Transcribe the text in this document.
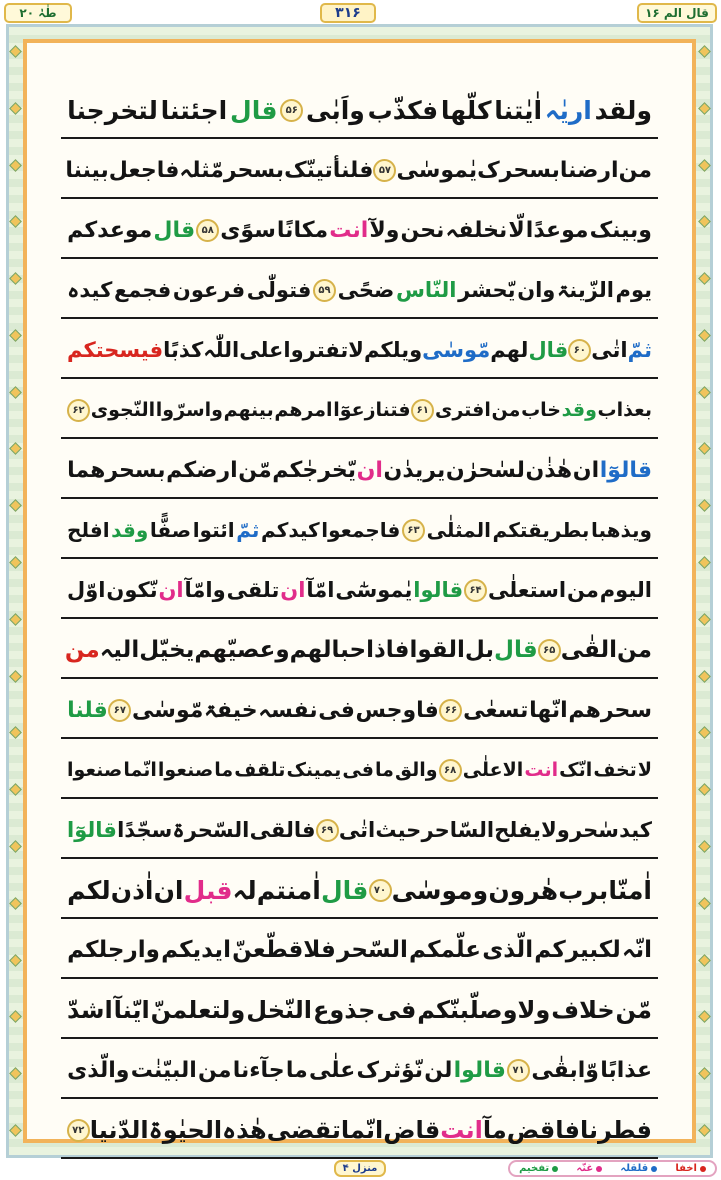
ولقد
اریٰہ
اٰیٰتنا
کلّھا
فکذّب
واَبٰی
۵۶
قال
اجئتنا
لتخرجنا
من
ارضنا
بسحرک
یٰموسٰی
۵۷
فلنأتینّک
بسحر
مّثلہ
فاجعل
بیننا
وبینک
موعدًا
لّا
نخلفہ
نحن
ولآ
انت
مکانًا
سوًی
۵۸
قال
موعدکم
یوم
الزّینۃ
وان
یّحشر
النّاس
ضحًی
۵۹
فتولّٰی
فرعون
فجمع
کیدہ
ثمّ
اتٰی
۶۰
قال
لھم
مّوسٰی
ویلکم
لا
تفتروا
علی
اللّٰہ
کذبًا
فیسحتکم
بعذاب
وقد
خاب
من
افتری
۶۱
فتنازعوٓا
امرھم
بینھم
واسرّوا
النّجوی
۶۲
قالوٓا
ان
ھٰذٰن
لسٰحرٰن
یریدٰن
ان
یّخرجٰکم
مّن
ارضکم
بسحرھما
ویذھبا
بطریقتکم
المثلٰی
۶۳
فاجمعوا
کیدکم
ثمّ
ائتوا
صفًّا
وقد
افلح
الیوم
من
استعلٰی
۶۴
قالوا
یٰموسٰٓی
امّآ
ان
تلقی
وامّآ
ان
نّکون
اوّل
من
القٰی
۶۵
قال
بل
القوا
فاذا
حبالھم
وعصیّھم
یخیّل
الیہ
من
سحرھم
انّھا
تسعٰی
۶۶
فاوجس
فی
نفسہ
خیفۃ
مّوسٰی
۶۷
قلنا
لا
تخف
انّک
انت
الاعلٰی
۶۸
والق
ما
فی
یمینک
تلقف
ما
صنعوا
انّما
صنعوا
کید
سٰحر
ولا
یفلح
السّاحر
حیث
اتٰی
۶۹
فالقی
السّحرۃ
سجّدًا
قالوٓا
اٰمنّا
برب
ھٰرون
وموسٰی
۷۰
قال
اٰمنتم
لہ
قبل
ان
اٰذن
لکم
انّہ
لکبیرکم
الّذی
علّمکم
السّحر
فلاقطّعنّ
ایدیکم
وارجلکم
مّن
خلاف
ولاوصلّبنّکم
فی
جذوع
النّخل
ولتعلمنّ
ایّنآ
اشدّ
عذابًا
وّابقٰی
۷۱
قالوا
لن
نّؤثرک
علٰی
ما
جآءنا
من
البیّنٰت
والّذی
فطرنا
فاقض
مآ
انت
قاض
انّما
تقضی
ھٰذہ
الحیٰوۃ
الدّنیا
۷۲
طٰہٰ ۲۰	۳۱۶	قال الم ۱۶
منزل ۴	اخفا
قلقلہ
غنّہ
تفخیم
